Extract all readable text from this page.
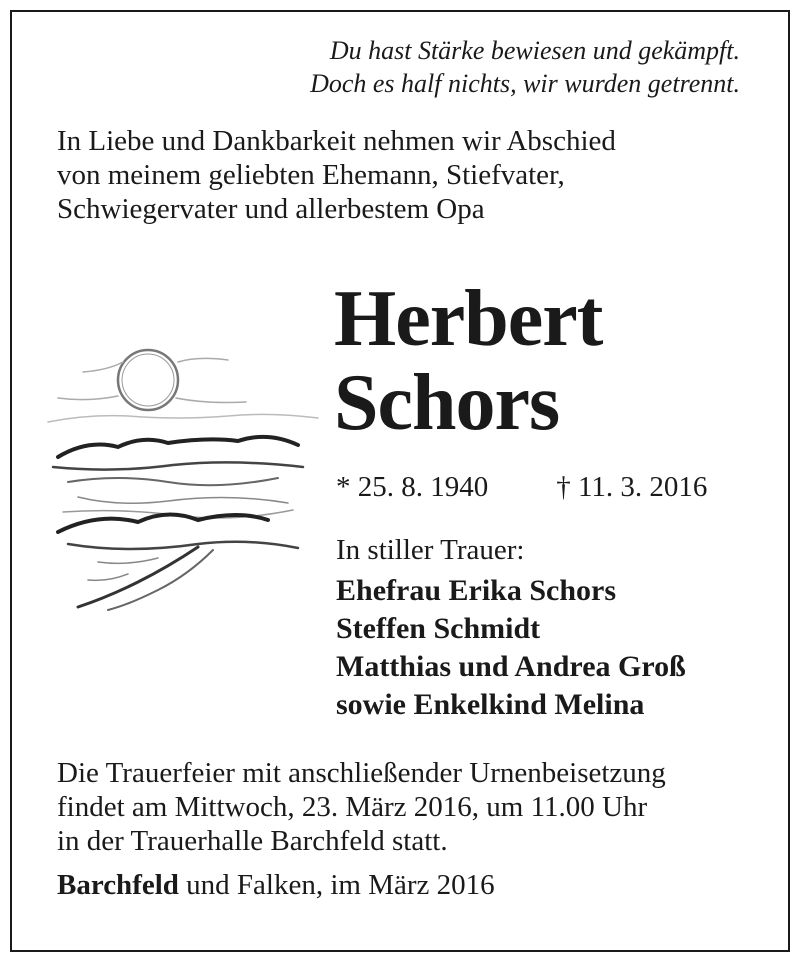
Du hast Stärke bewiesen und gekämpft.
Doch es half nichts, wir wurden getrennt.
In Liebe und Dankbarkeit nehmen wir Abschied
von meinem geliebten Ehemann, Stiefvater,
Schwiegervater und allerbestem Opa
Herbert
Schors
* 25. 8. 1940 † 11. 3. 2016
In stiller Trauer:
Ehefrau Erika Schors
Steffen Schmidt
Matthias und Andrea Groß
sowie Enkelkind Melina
Die Trauerfeier mit anschließender Urnenbeisetzung
findet am Mittwoch, 23. März 2016, um 11.00 Uhr
in der Trauerhalle Barchfeld statt.
Barchfeld und Falken, im März 2016
